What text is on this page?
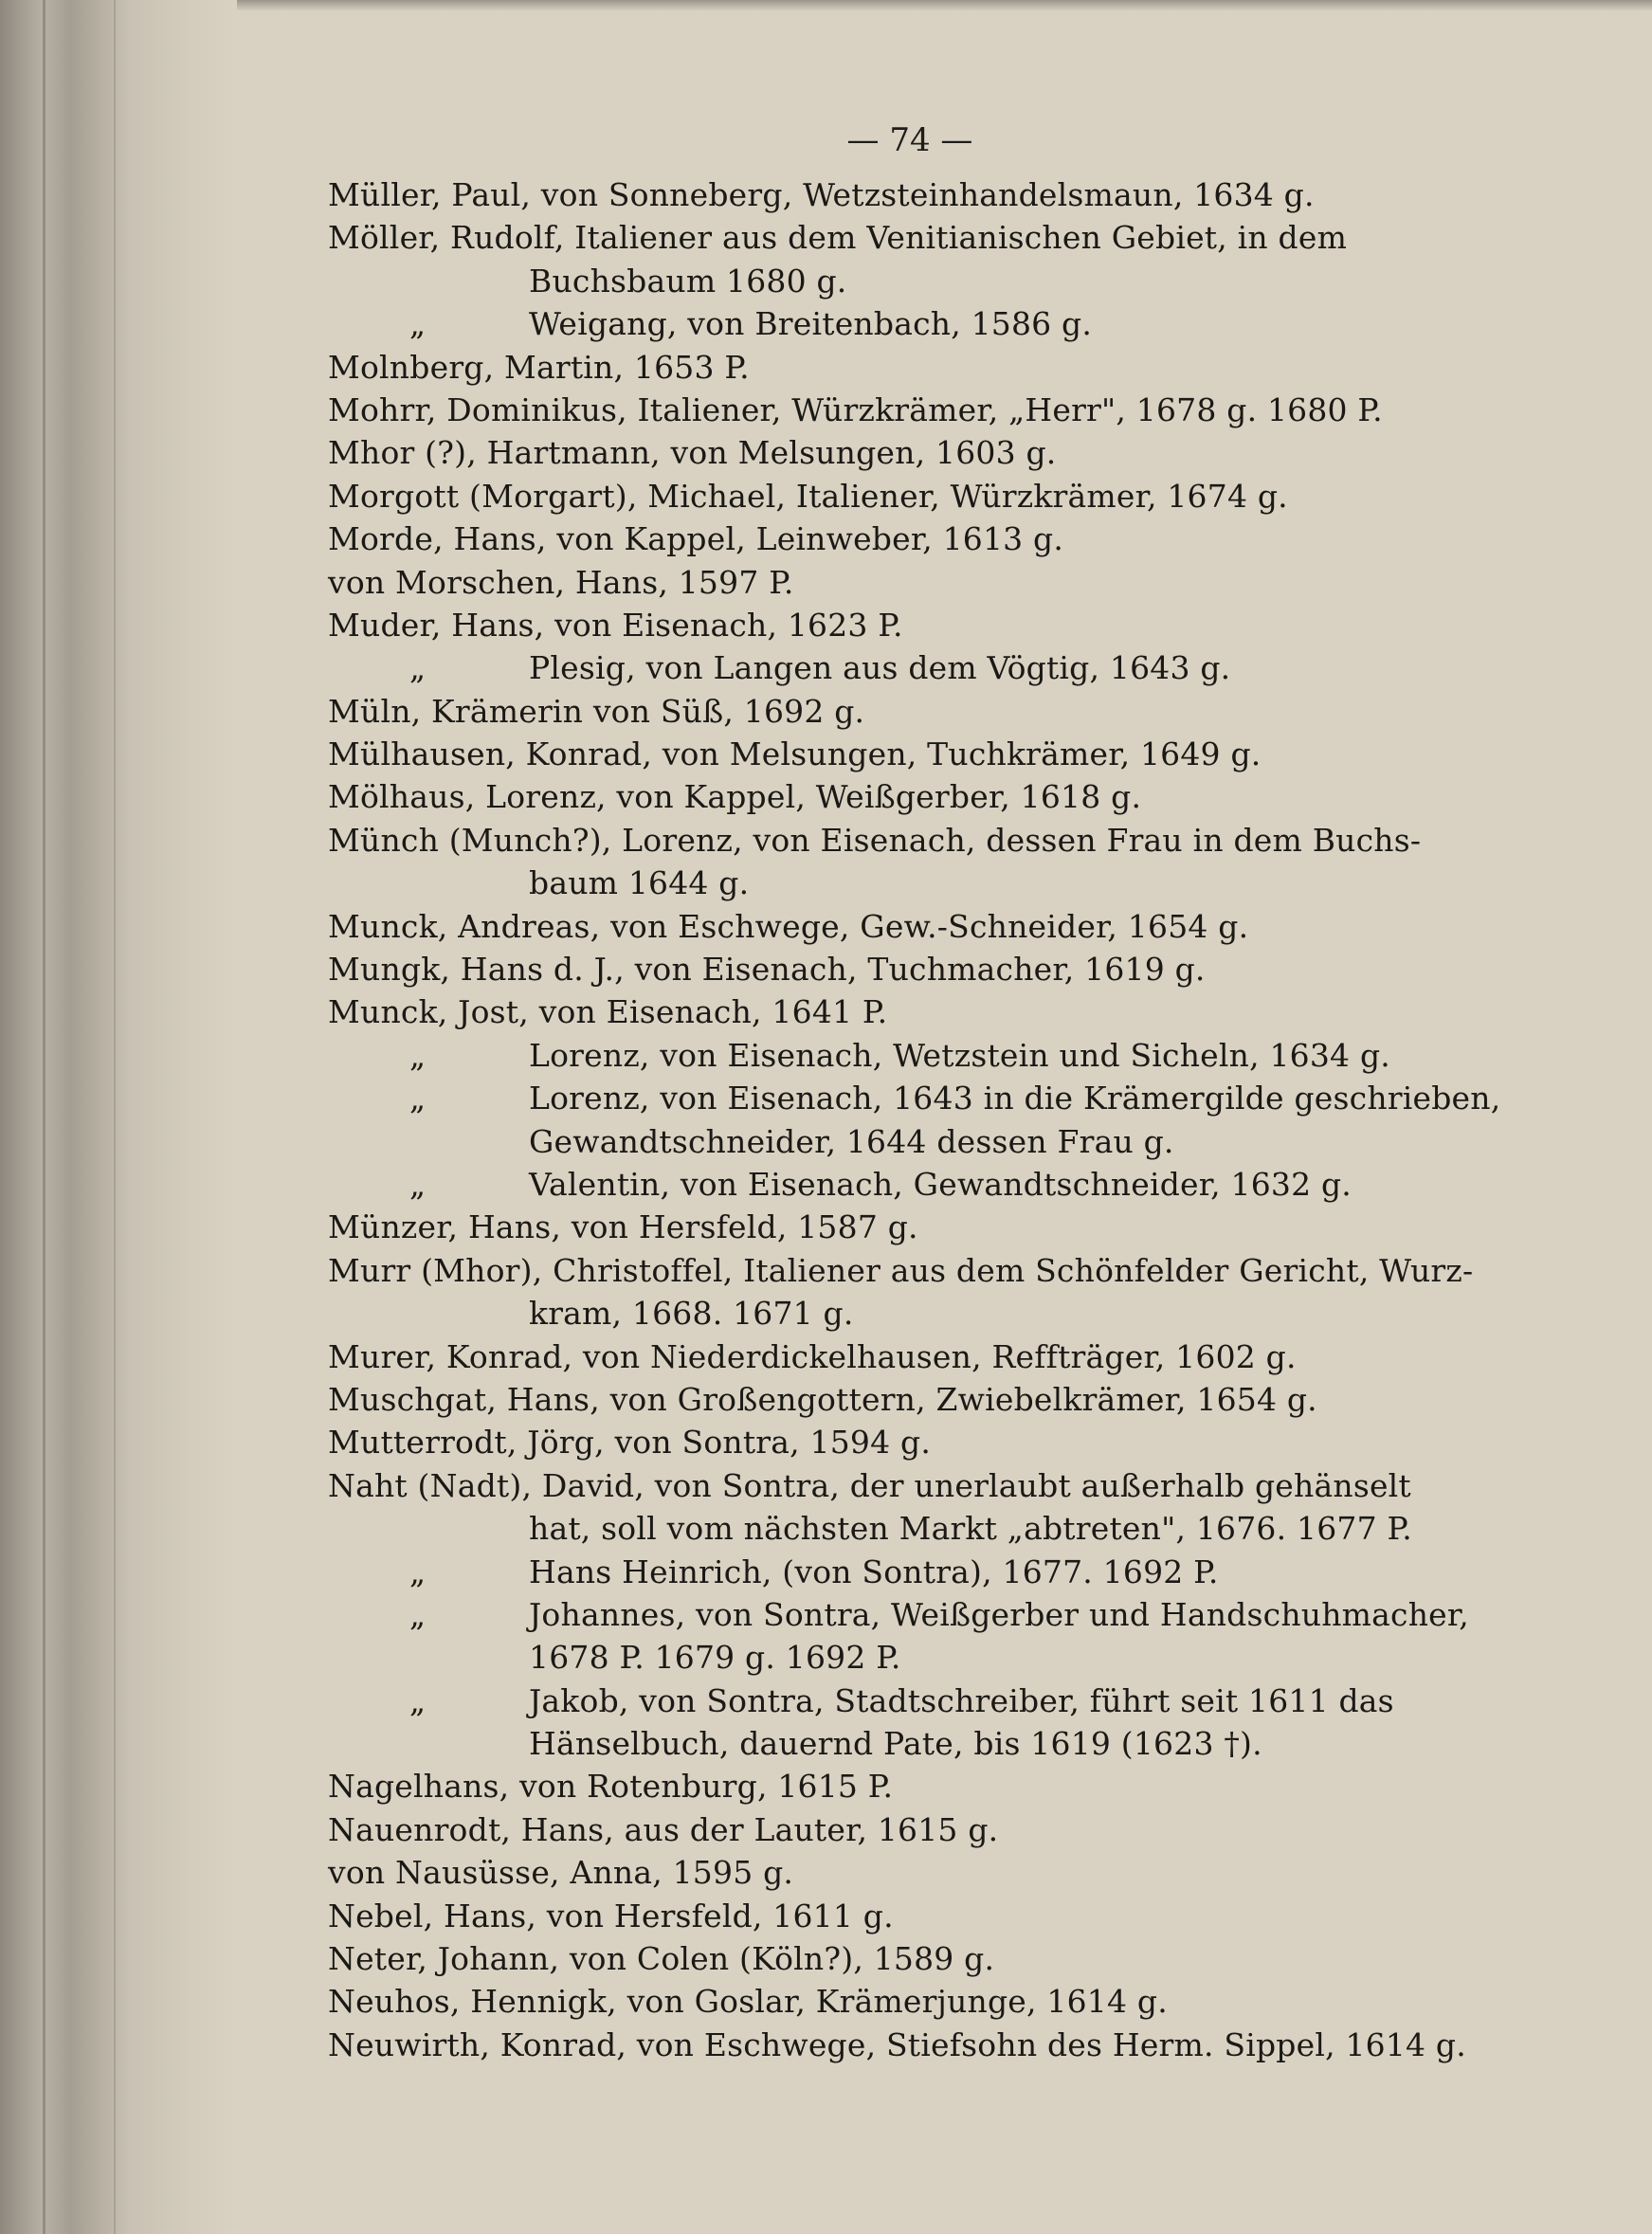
— 74 —
Müller, Paul, von Sonneberg, Wetzsteinhandelsmaun, 1634 g.
Möller, Rudolf, Italiener aus dem Venitianischen Gebiet, in dem
Buchsbaum 1680 g.
„	Weigang, von Breitenbach, 1586 g.
Molnberg, Martin, 1653 P.
Mohrr, Dominikus, Italiener, Würzkrämer, „Herr", 1678 g. 1680 P.
Mhor (?), Hartmann, von Melsungen, 1603 g.
Morgott (Morgart), Michael, Italiener, Würzkrämer, 1674 g.
Morde, Hans, von Kappel, Leinweber, 1613 g.
von Morschen, Hans, 1597 P.
Muder, Hans, von Eisenach, 1623 P.
„	Plesig, von Langen aus dem Vögtig, 1643 g.
Müln, Krämerin von Süß, 1692 g.
Mülhausen, Konrad, von Melsungen, Tuchkrämer, 1649 g.
Mölhaus, Lorenz, von Kappel, Weißgerber, 1618 g.
Münch (Munch?), Lorenz, von Eisenach, dessen Frau in dem Buchs-
baum 1644 g.
Munck, Andreas, von Eschwege, Gew.-Schneider, 1654 g.
Mungk, Hans d. J., von Eisenach, Tuchmacher, 1619 g.
Munck, Jost, von Eisenach, 1641 P.
„	Lorenz, von Eisenach, Wetzstein und Sicheln, 1634 g.
„	Lorenz, von Eisenach, 1643 in die Krämergilde geschrieben,
Gewandtschneider, 1644 dessen Frau g.
„	Valentin, von Eisenach, Gewandtschneider, 1632 g.
Münzer, Hans, von Hersfeld, 1587 g.
Murr (Mhor), Christoffel, Italiener aus dem Schönfelder Gericht, Wurz-
kram, 1668. 1671 g.
Murer, Konrad, von Niederdickelhausen, Reffträger, 1602 g.
Muschgat, Hans, von Großengottern, Zwiebelkrämer, 1654 g.
Mutterrodt, Jörg, von Sontra, 1594 g.
Naht (Nadt), David, von Sontra, der unerlaubt außerhalb gehänselt
hat, soll vom nächsten Markt „abtreten", 1676. 1677 P.
„	Hans Heinrich, (von Sontra), 1677. 1692 P.
„	Johannes, von Sontra, Weißgerber und Handschuhmacher,
1678 P. 1679 g. 1692 P.
„	Jakob, von Sontra, Stadtschreiber, führt seit 1611 das
Hänselbuch, dauernd Pate, bis 1619 (1623 †).
Nagelhans, von Rotenburg, 1615 P.
Nauenrodt, Hans, aus der Lauter, 1615 g.
von Nausüsse, Anna, 1595 g.
Nebel, Hans, von Hersfeld, 1611 g.
Neter, Johann, von Colen (Köln?), 1589 g.
Neuhos, Hennigk, von Goslar, Krämerjunge, 1614 g.
Neuwirth, Konrad, von Eschwege, Stiefsohn des Herm. Sippel, 1614 g.
